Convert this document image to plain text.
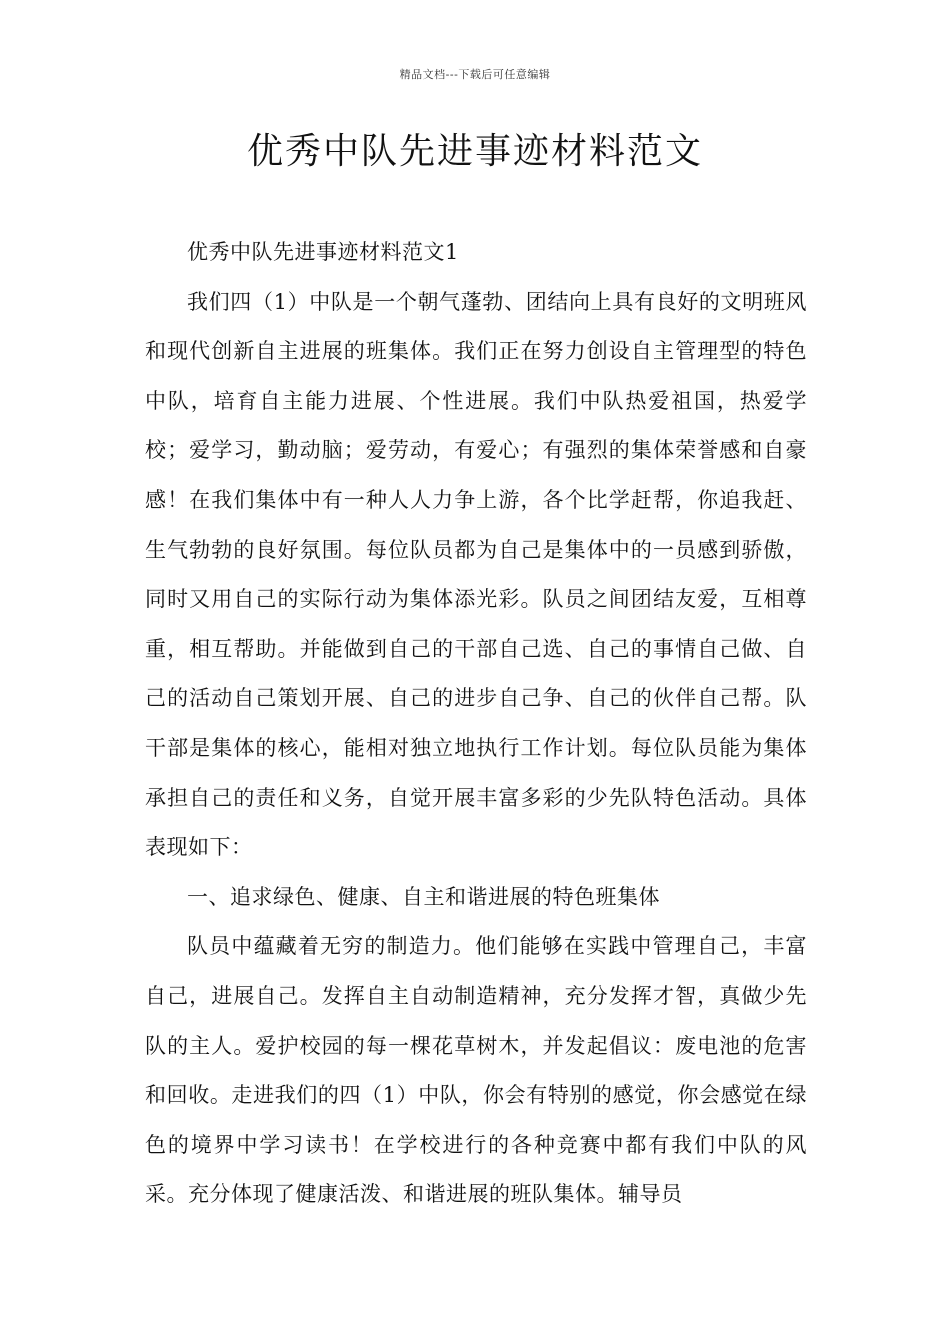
精品文档---下载后可任意编辑
优秀中队先进事迹材料范文

优秀中队先进事迹材料范文1

我们四（1）中队是一个朝气蓬勃、团结向上具有良好的文明班风和现代创新自主进展的班集体。我们正在努力创设自主管理型的特色中队，培育自主能力进展、个性进展。我们中队热爱祖国，热爱学校；爱学习，勤动脑；爱劳动，有爱心；有强烈的集体荣誉感和自豪感！在我们集体中有一种人人力争上游，各个比学赶帮，你追我赶、生气勃勃的良好氛围。每位队员都为自己是集体中的一员感到骄傲，同时又用自己的实际行动为集体添光彩。队员之间团结友爱，互相尊重，相互帮助。并能做到自己的干部自己选、自己的事情自己做、自己的活动自己策划开展、自己的进步自己争、自己的伙伴自己帮。队干部是集体的核心，能相对独立地执行工作计划。每位队员能为集体承担自己的责任和义务，自觉开展丰富多彩的少先队特色活动。具体表现如下：

一、追求绿色、健康、自主和谐进展的特色班集体

队员中蕴藏着无穷的制造力。他们能够在实践中管理自己，丰富自己，进展自己。发挥自主自动制造精神，充分发挥才智，真做少先队的主人。爱护校园的每一棵花草树木，并发起倡议：废电池的危害和回收。走进我们的四（1）中队，你会有特别的感觉，你会感觉在绿色的境界中学习读书！在学校进行的各种竞赛中都有我们中队的风采。充分体现了健康活泼、和谐进展的班队集体。辅导员
